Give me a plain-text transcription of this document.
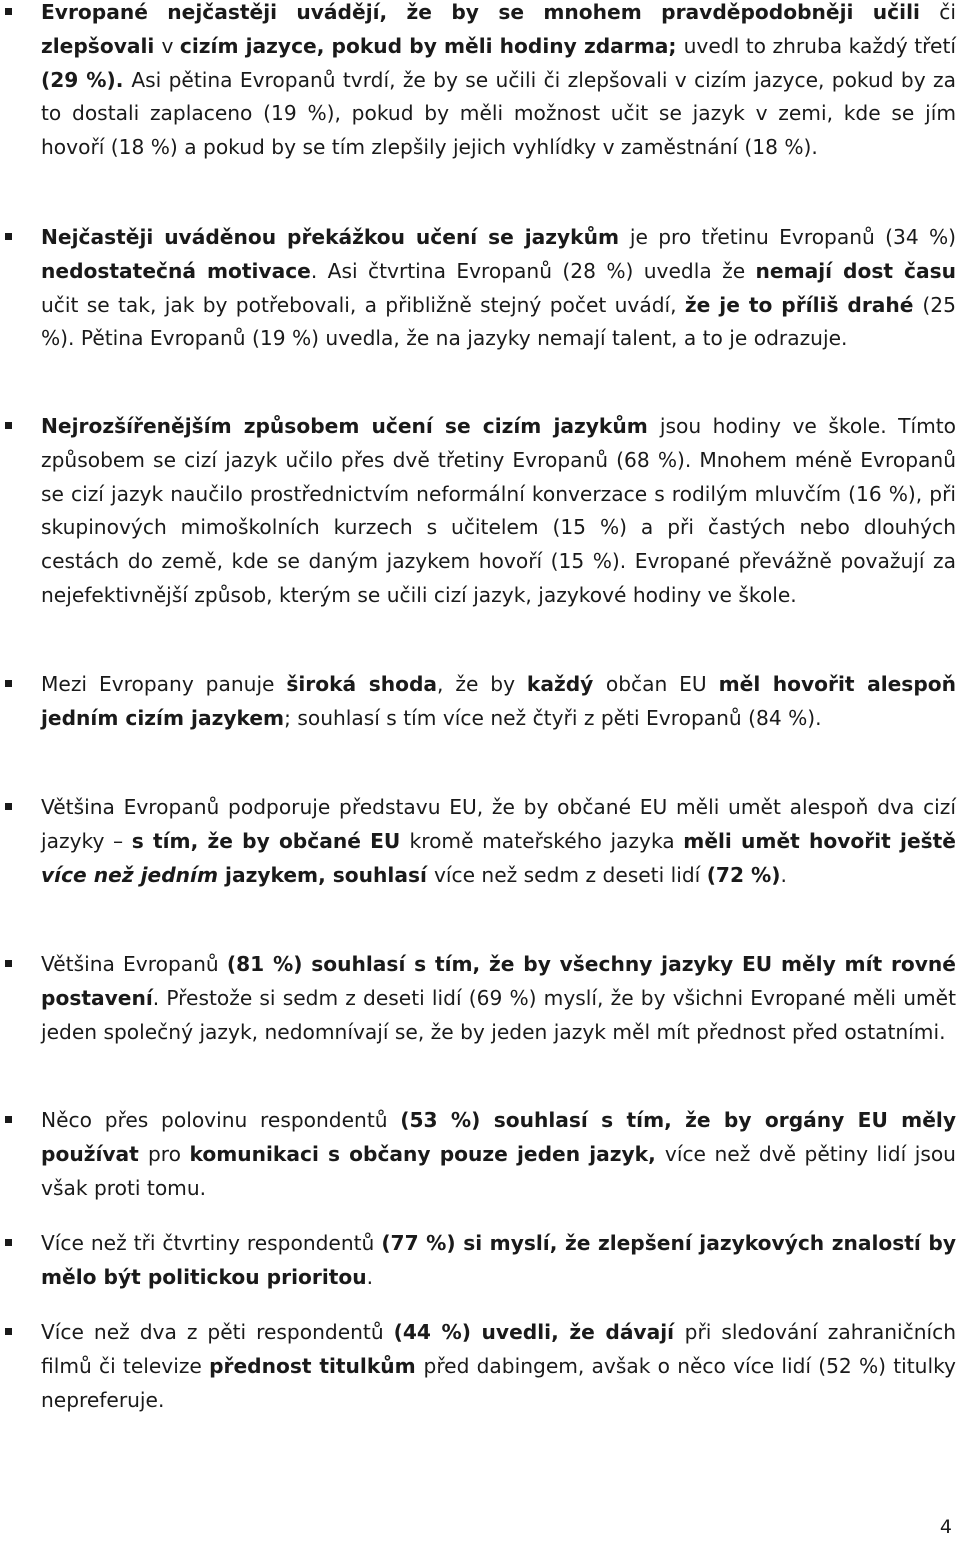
Evropané nejčastěji uvádějí, že by se mnohem pravděpodobněji učili či zlepšovali v cizím jazyce, pokud by měli hodiny zdarma; uvedl to zhruba každý třetí (29 %). Asi pětina Evropanů tvrdí, že by se učili či zlepšovali v cizím jazyce, pokud by za to dostali zaplaceno (19 %), pokud by měli možnost učit se jazyk v zemi, kde se jím hovoří (18 %) a pokud by se tím zlepšily jejich vyhlídky v zaměstnání (18 %).
Nejčastěji uváděnou překážkou učení se jazykům je pro třetinu Evropanů (34 %) nedostatečná motivace. Asi čtvrtina Evropanů (28 %) uvedla že nemají dost času učit se tak, jak by potřebovali, a přibližně stejný počet uvádí, že je to příliš drahé (25 %). Pětina Evropanů (19 %) uvedla, že na jazyky nemají talent, a to je odrazuje.
Nejrozšířenějším způsobem učení se cizím jazykům jsou hodiny ve škole. Tímto způsobem se cizí jazyk učilo přes dvě třetiny Evropanů (68 %). Mnohem méně Evropanů se cizí jazyk naučilo prostřednictvím neformální konverzace s rodilým mluvčím (16 %), při skupinových mimoškolních kurzech s učitelem (15 %) a při častých nebo dlouhých cestách do země, kde se daným jazykem hovoří (15 %). Evropané převážně považují za nejefektivnější způsob, kterým se učili cizí jazyk, jazykové hodiny ve škole.
Mezi Evropany panuje široká shoda, že by každý občan EU měl hovořit alespoň jedním cizím jazykem; souhlasí s tím více než čtyři z pěti Evropanů (84 %).
Většina Evropanů podporuje představu EU, že by občané EU měli umět alespoň dva cizí jazyky – s tím, že by občané EU kromě mateřského jazyka měli umět hovořit ještě více než jedním jazykem, souhlasí více než sedm z deseti lidí (72 %).
Většina Evropanů (81 %) souhlasí s tím, že by všechny jazyky EU měly mít rovné postavení. Přestože si sedm z deseti lidí (69 %) myslí, že by všichni Evropané měli umět jeden společný jazyk, nedomnívají se, že by jeden jazyk měl mít přednost před ostatními.
Něco přes polovinu respondentů (53 %) souhlasí s tím, že by orgány EU měly používat pro komunikaci s občany pouze jeden jazyk, více než dvě pětiny lidí jsou však proti tomu.
Více než tři čtvrtiny respondentů (77 %) si myslí, že zlepšení jazykových znalostí by mělo být politickou prioritou.
Více než dva z pěti respondentů (44 %) uvedli, že dávají při sledování zahraničních filmů či televize přednost titulkům před dabingem, avšak o něco více lidí (52 %) titulky nepreferuje.
4
